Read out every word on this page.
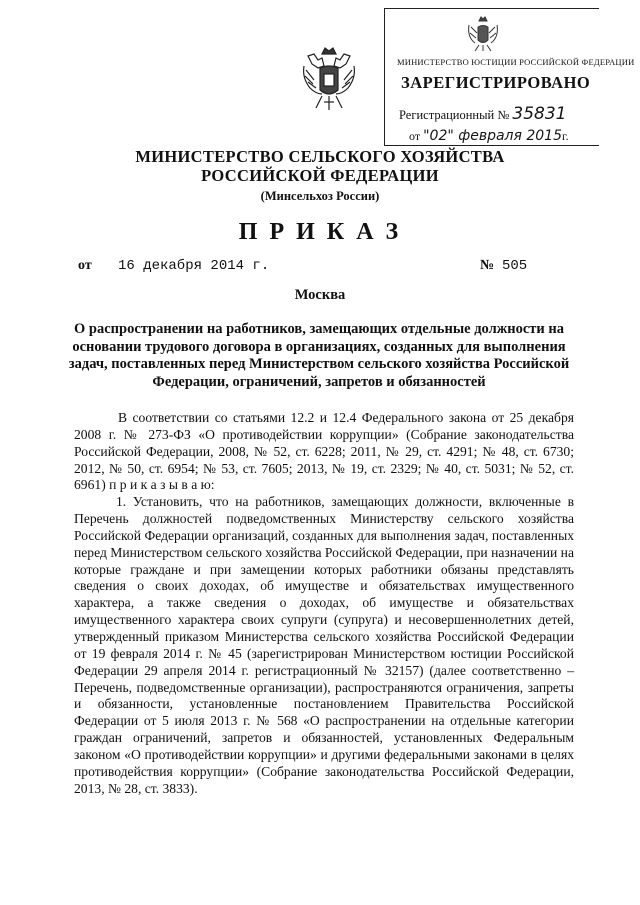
МИНИСТЕРСТВО ЮСТИЦИИ РОССИЙСКОЙ ФЕДЕРАЦИИ
ЗАРЕГИСТРИРОВАНО
Регистрационный № 35831
от "02" февраля 2015г.
МИНИСТЕРСТВО СЕЛЬСКОГО ХОЗЯЙСТВА
РОССИЙСКОЙ ФЕДЕРАЦИИ
(Минсельхоз России)
П Р И К А З
от 16 декабря 2014 г.	№ 505
Москва
О распространении на работников, замещающих отдельные должности на основании трудового договора в организациях, созданных для выполнения задач, поставленных перед Министерством сельского хозяйства Российской Федерации, ограничений, запретов и обязанностей

В соответствии со статьями 12.2 и 12.4 Федерального закона от 25 декабря 2008 г. № 273-ФЗ «О противодействии коррупции» (Собрание законодательства Российской Федерации, 2008, № 52, ст. 6228; 2011, № 29, ст. 4291; № 48, ст. 6730; 2012, № 50, ст. 6954; № 53, ст. 7605; 2013, № 19, ст. 2329; № 40, ст. 5031; № 52, ст. 6961) п р и к а з ы в а ю:

1. Установить, что на работников, замещающих должности, включенные в Перечень должностей подведомственных Министерству сельского хозяйства Российской Федерации организаций, созданных для выполнения задач, поставленных перед Министерством сельского хозяйства Российской Федерации, при назначении на которые граждане и при замещении которых работники обязаны представлять сведения о своих доходах, об имуществе и обязательствах имущественного характера, а также сведения о доходах, об имуществе и обязательствах имущественного характера своих супруги (супруга) и несовершеннолетних детей, утвержденный приказом Министерства сельского хозяйства Российской Федерации от 19 февраля 2014 г. № 45 (зарегистрирован Министерством юстиции Российской Федерации 29 апреля 2014 г. регистрационный № 32157) (далее соответственно – Перечень, подведомственные организации), распространяются ограничения, запреты и обязанности, установленные постановлением Правительства Российской Федерации от 5 июля 2013 г. № 568 «О распространении на отдельные категории граждан ограничений, запретов и обязанностей, установленных Федеральным законом «О противодействии коррупции» и другими федеральными законами в целях противодействия коррупции» (Собрание законодательства Российской Федерации, 2013, № 28, ст. 3833).
